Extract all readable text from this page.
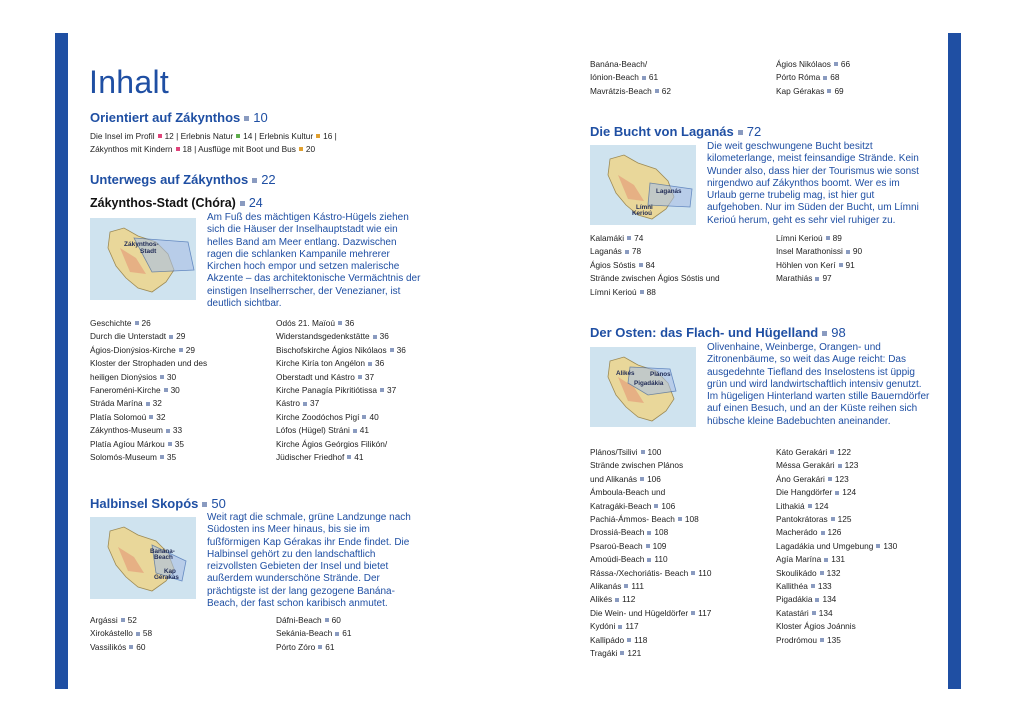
Inhalt
Orientiert auf Zákynthos 10
Die Insel im Profil 12 | Erlebnis Natur 14 | Erlebnis Kultur 16 |
Zákynthos mit Kindern 18 | Ausflüge mit Boot und Bus 20
Unterwegs auf Zákynthos 22
Zákynthos-Stadt (Chóra) 24
Zákynthos-Stadt
Am Fuß des mächtigen Kástro-Hügels ziehen sich die Häuser der Inselhauptstadt wie ein helles Band am Meer entlang. Dazwischen ragen die schlanken Kampanile mehrerer Kirchen hoch empor und setzen malerische Akzente – das architektonische Vermächtnis der einstigen Inselherrscher, der Venezianer, ist deutlich sichtbar.
Geschichte 26
Durch die Unterstadt 29
Ágios-Dionýsios-Kirche 29
Kloster der Strophaden und des
heiligen Dionýsios 30
Faneroméni-Kirche 30
Stráda Marína 32
Platía Solomoú 32
Zákynthos-Museum 33
Platía Agíou Márkou 35
Solomós-Museum 35
Odós 21. Maïoú 36
Widerstandsgedenkstätte 36
Bischofskirche Ágios Nikólaos 36
Kirche Kiría ton Angélon 36
Oberstadt und Kástro 37
Kirche Panagía Pikritiótissa 37
Kástro 37
Kirche Zoodóchos Pigí 40
Lófos (Hügel) Stráni 41
Kirche Ágios Geórgios Filikón/
Jüdischer Friedhof 41
Halbinsel Skopós 50
Banána-Beach
Kap Gérakas
Weit ragt die schmale, grüne Landzunge nach Südosten ins Meer hinaus, bis sie im fußförmigen Kap Gérakas ihr Ende findet. Die Halbinsel gehört zu den landschaftlich reizvollsten Gebieten der Insel und bietet außerdem wunderschöne Strände. Der prächtigste ist der lang gezogene Banána-Beach, der fast schon karibisch anmutet.
Argássi 52
Xirokástello 58
Vassilikós 60
Dáfni-Beach 60
Sekánia-Beach 61
Pórto Zóro 61
Banána-Beach/
Iónion-Beach 61
Mavrátzis-Beach 62
Ágios Nikólaos 66
Pórto Róma 68
Kap Gérakas 69
Die Bucht von Laganás 72
Laganás
Límni Kerioú
Die weit geschwungene Bucht besitzt kilometerlange, meist feinsandige Strände. Kein Wunder also, dass hier der Tourismus wie sonst nirgendwo auf Zákynthos boomt. Wer es im Urlaub gerne trubelig mag, ist hier gut aufgehoben. Nur im Süden der Bucht, um Límni Kerioú herum, geht es sehr viel ruhiger zu.
Kalamáki 74
Laganás 78
Ágios Sóstis 84
Strände zwischen Ágios Sóstis und
Límni Kerioú 88
Límni Kerioú 89
Insel Marathonissi 90
Höhlen von Kerí 91
Marathiás 97
Der Osten: das Flach- und Hügelland 98
Alikés Plános
Pigadákia
Olivenhaine, Weinberge, Orangen- und Zitronenbäume, so weit das Auge reicht: Das ausgedehnte Tiefland des Inselostens ist üppig grün und wird landwirtschaftlich intensiv genutzt. Im hügeligen Hinterland warten stille Bauerndörfer auf einen Besuch, und an der Küste reihen sich hübsche kleine Badebuchten aneinander.
Plános/Tsilivi 100
Strände zwischen Plános
und Alikanás 106
Ámboula-Beach und
Katragáki-Beach 106
Pachiá-Ámmos- Beach 108
Drossiá-Beach 108
Psaroú-Beach 109
Amoúdi-Beach 110
Rássa-/Xechoriátis- Beach 110
Alikanás 111
Alikés 112
Die Wein- und Hügeldörfer 117
Kydóni 117
Kallipádo 118
Tragáki 121
Káto Gerakári 122
Méssa Gerakári 123
Áno Gerakári 123
Die Hangdörfer 124
Lithakiá 124
Pantokrátoras 125
Macherádo 126
Lagadákia und Umgebung 130
Agía Marína 131
Skoulikádo 132
Kallithéa 133
Pigadákia 134
Katastári 134
Kloster Ágios Joánnis
Prodrómou 135
